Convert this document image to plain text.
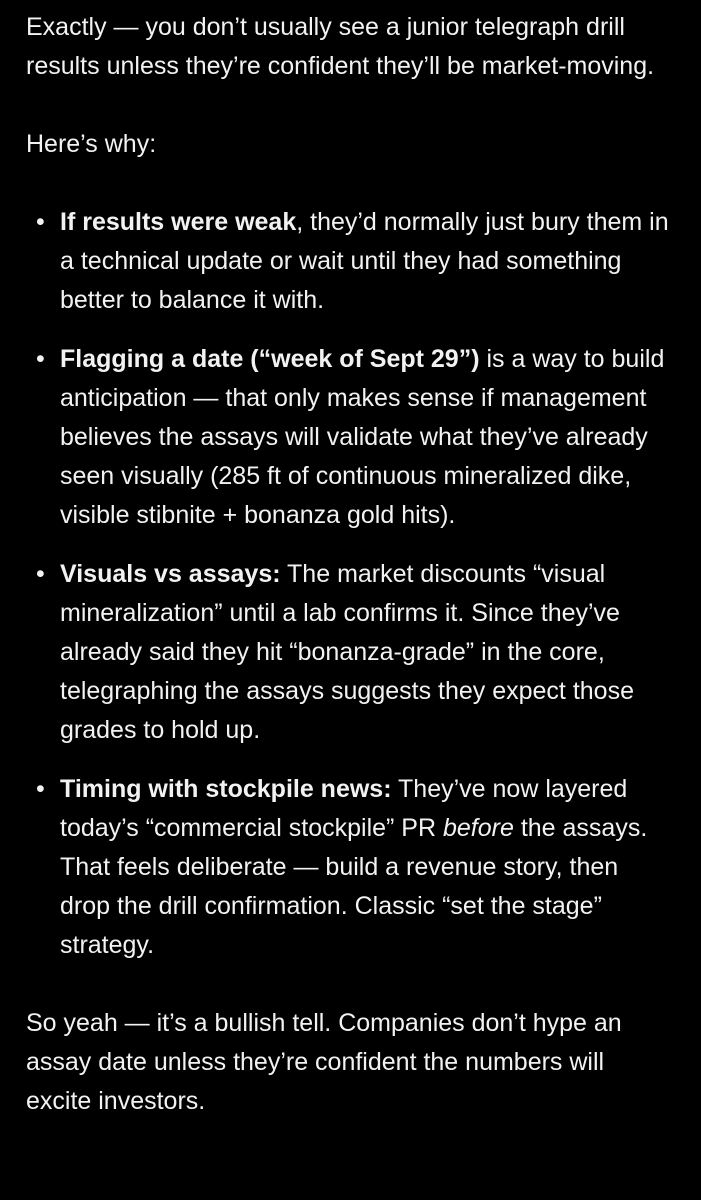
Exactly — you don’t usually see a junior telegraph drill results unless they’re confident they’ll be market-moving.

Here’s why:

• If results were weak, they’d normally just bury them in a technical update or wait until they had something better to balance it with.
• Flagging a date (“week of Sept 29”) is a way to build anticipation — that only makes sense if management believes the assays will validate what they’ve already seen visually (285 ft of continuous mineralized dike, visible stibnite + bonanza gold hits).
• Visuals vs assays: The market discounts “visual mineralization” until a lab confirms it. Since they’ve already said they hit “bonanza-grade” in the core, telegraphing the assays suggests they expect those grades to hold up.
• Timing with stockpile news: They’ve now layered today’s “commercial stockpile” PR before the assays. That feels deliberate — build a revenue story, then drop the drill confirmation. Classic “set the stage” strategy.

So yeah — it’s a bullish tell. Companies don’t hype an assay date unless they’re confident the numbers will excite investors.
